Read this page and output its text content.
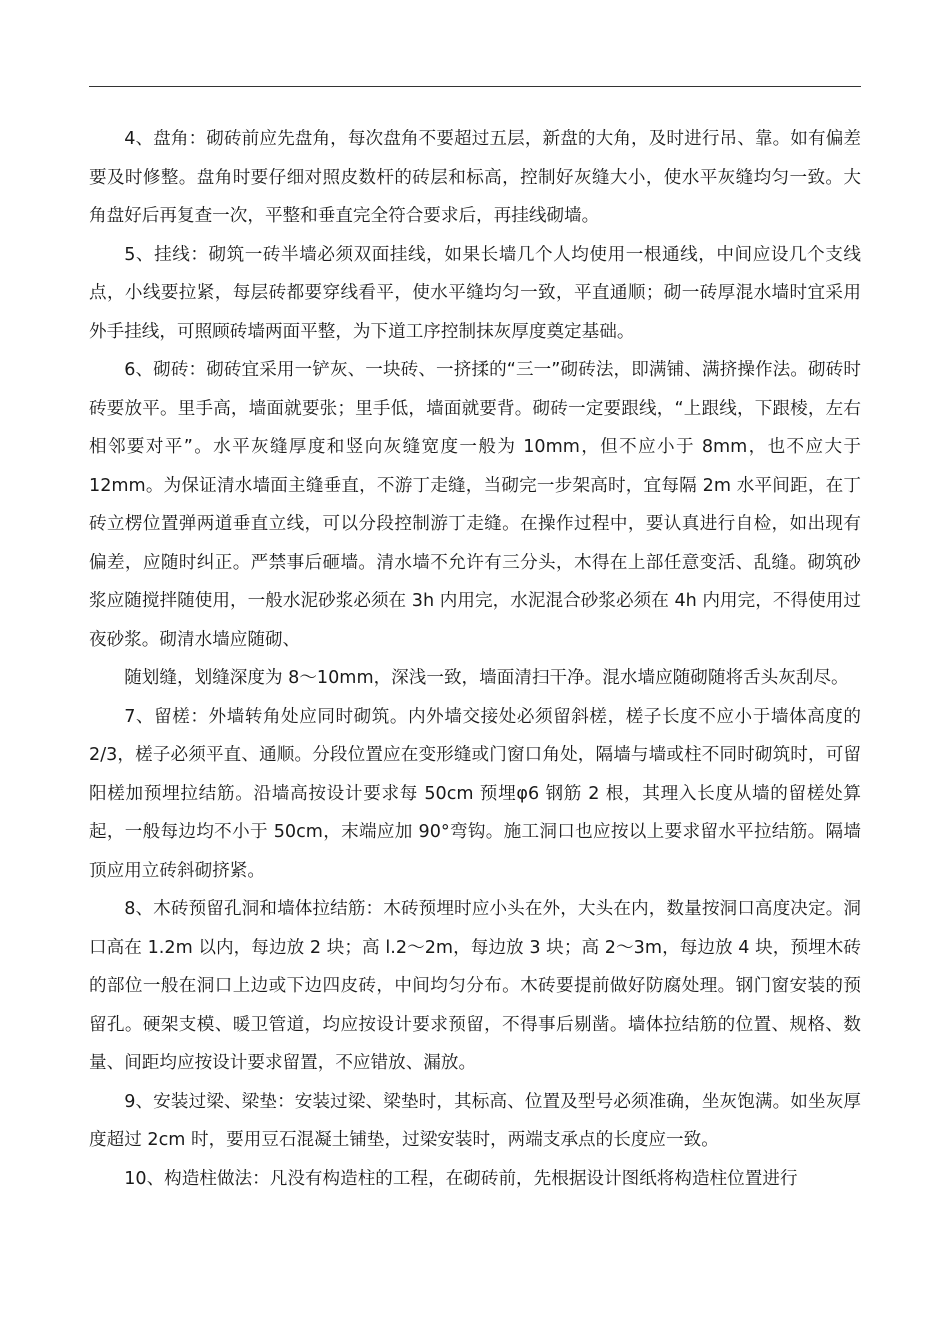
4、盘角：砌砖前应先盘角，每次盘角不要超过五层，新盘的大角，及时进行吊、靠。如有偏差要及时修整。盘角时要仔细对照皮数杆的砖层和标高，控制好灰缝大小，使水平灰缝均匀一致。大角盘好后再复查一次，平整和垂直完全符合要求后，再挂线砌墙。

5、挂线：砌筑一砖半墙必须双面挂线，如果长墙几个人均使用一根通线，中间应设几个支线点，小线要拉紧，每层砖都要穿线看平，使水平缝均匀一致，平直通顺；砌一砖厚混水墙时宜采用外手挂线，可照顾砖墙两面平整，为下道工序控制抹灰厚度奠定基础。

6、砌砖：砌砖宜采用一铲灰、一块砖、一挤揉的“三一”砌砖法，即满铺、满挤操作法。砌砖时砖要放平。里手高，墙面就要张；里手低，墙面就要背。砌砖一定要跟线，“上跟线，下跟棱，左右相邻要对平”。水平灰缝厚度和竖向灰缝宽度一般为 10mm，但不应小于 8mm，也不应大于 12mm。为保证清水墙面主缝垂直，不游丁走缝，当砌完一步架高时，宜每隔 2m 水平间距，在丁砖立楞位置弹两道垂直立线，可以分段控制游丁走缝。在操作过程中，要认真进行自检，如出现有偏差，应随时纠正。严禁事后砸墙。清水墙不允许有三分头，木得在上部任意变活、乱缝。砌筑砂浆应随搅拌随使用，一般水泥砂浆必须在 3h 内用完，水泥混合砂浆必须在 4h 内用完，不得使用过夜砂浆。砌清水墙应随砌、

随划缝，划缝深度为 8～10mm，深浅一致，墙面清扫干净。混水墙应随砌随将舌头灰刮尽。

7、留槎：外墙转角处应同时砌筑。内外墙交接处必须留斜槎，槎子长度不应小于墙体高度的 2/3，槎子必须平直、通顺。分段位置应在变形缝或门窗口角处，隔墙与墙或柱不同时砌筑时，可留阳槎加预埋拉结筋。沿墙高按设计要求每 50cm 预埋φ6 钢筋 2 根，其理入长度从墙的留槎处算起，一般每边均不小于 50cm，末端应加 90°弯钩。施工洞口也应按以上要求留水平拉结筋。隔墙顶应用立砖斜砌挤紧。

8、木砖预留孔洞和墙体拉结筋：木砖预埋时应小头在外，大头在内，数量按洞口高度决定。洞口高在 1.2m 以内，每边放 2 块；高 l.2～2m，每边放 3 块；高 2～3m，每边放 4 块，预埋木砖的部位一般在洞口上边或下边四皮砖，中间均匀分布。木砖要提前做好防腐处理。钢门窗安装的预留孔。硬架支模、暖卫管道，均应按设计要求预留，不得事后剔凿。墙体拉结筋的位置、规格、数量、间距均应按设计要求留置，不应错放、漏放。

9、安装过梁、梁垫：安装过梁、梁垫时，其标高、位置及型号必须准确，坐灰饱满。如坐灰厚度超过 2cm 时，要用豆石混凝土铺垫，过梁安装时，两端支承点的长度应一致。

10、构造柱做法：凡没有构造柱的工程，在砌砖前，先根据设计图纸将构造柱位置进行
